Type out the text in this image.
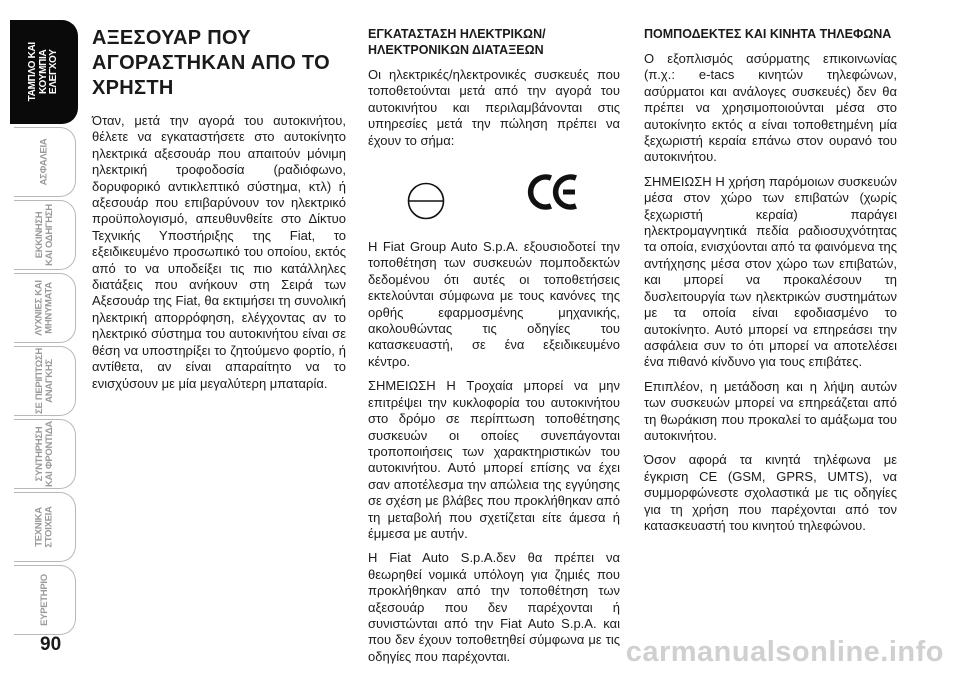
ΤΑΜΠΛΟ ΚΑΙ
ΚΟΥΜΠΙΑ
ΕΛΕΓΧΟΥ
ΑΣΦΑΛΕΙΑ
ΕΚΚΙΝΗΣΗ
ΚΑΙ ΟΔΗΓΗΣΗ
ΛΥΧΝΙΕΣ ΚΑΙ
ΜΗΝΥΜΑΤΑ
ΣΕ ΠΕΡΙΠΤΩΣΗ
ΑΝΑΓΚΗΣ
ΣΥΝΤΗΡΗΣΗ
ΚΑΙ ΦΡΟΝΤΙΔΑ
ΤΕΧΝΙΚΑ
ΣΤΟΙΧΕΙΑ
ΕΥΡΕΤΗΡΙΟ
90
ΑΞΕΣΟΥΑΡ ΠΟΥ ΑΓΟΡΑΣΤΗΚΑΝ ΑΠΟ ΤΟ ΧΡΗΣΤΗ

Όταν, μετά την αγορά του αυτοκινήτου, θέλετε να εγκαταστήσετε στο αυτοκίνητο ηλεκτρικά αξεσουάρ που απαιτούν μόνιμη ηλεκτρική τροφοδοσία (ραδιόφωνο, δορυφορικό αντικλεπτικό σύστημα, κτλ) ή αξεσουάρ που επιβαρύνουν τον ηλεκτρικό προϋπολογισμό, απευθυνθείτε στο Δίκτυο Τεχνικής Υποστήριξης της Fiat, το εξειδικευμένο προσωπικό του οποίου, εκτός από το να υποδείξει τις πιο κατάλληλες διατάξεις που ανήκουν στη Σειρά των Αξεσουάρ της Fiat, θα εκτιμήσει τη συνολική ηλεκτρική απορρόφηση, ελέγχοντας αν το ηλεκτρικό σύστημα του αυτοκινήτου είναι σε θέση να υποστηρίξει το ζητούμενο φορτίο, ή αντίθετα, αν είναι απαραίτητο να το ενισχύσουν με μία μεγαλύτερη μπαταρία.

ΕΓΚΑΤΑΣΤΑΣΗ ΗΛΕΚΤΡΙΚΩΝ/ ΗΛΕΚΤΡΟΝΙΚΩΝ ΔΙΑΤΑΞΕΩΝ

Οι ηλεκτρικές/ηλεκτρονικές συσκευές που τοποθετούνται μετά από την αγορά του αυτοκινήτου και περιλαμβάνονται στις υπηρεσίες μετά την πώληση πρέπει να έχουν το σήμα:

Η Fiat Group Auto S.p.A. εξουσιοδοτεί την τοποθέτηση των συσκευών πομποδεκτών δεδομένου ότι αυτές οι τοποθετήσεις εκτελούνται σύμφωνα με τους κανόνες της ορθής εφαρμοσμένης μηχανικής, ακολουθώντας τις οδηγίες του κατασκευαστή, σε ένα εξειδικευμένο κέντρο.

ΣΗΜΕΙΩΣΗ Η Τροχαία μπορεί να μην επιτρέψει την κυκλοφορία του αυτοκινήτου στο δρόμο σε περίπτωση τοποθέτησης συσκευών οι οποίες συνεπάγονται τροποποιήσεις των χαρακτηριστικών του αυτοκινήτου. Αυτό μπορεί επίσης να έχει σαν αποτέλεσμα την απώλεια της εγγύησης σε σχέση με βλάβες που προκλήθηκαν από τη μεταβολή που σχετίζεται είτε άμεσα ή έμμεσα με αυτήν.

Η Fiat Auto S.p.A.δεν θα πρέπει να θεωρηθεί νομικά υπόλογη για ζημιές που προκλήθηκαν από την τοποθέτηση των αξεσουάρ που δεν παρέχονται ή συνιστώνται από την Fiat Auto S.p.A. και που δεν έχουν τοποθετηθεί σύμφωνα με τις οδηγίες που παρέχονται.

ΠΟΜΠΟΔΕΚΤΕΣ ΚΑΙ ΚΙΝΗΤΑ ΤΗΛΕΦΩΝΑ

Ο εξοπλισμός ασύρματης επικοινωνίας (π.χ.: e-tacs κινητών τηλεφώνων, ασύρματοι και ανάλογες συσκευές) δεν θα πρέπει να χρησιμοποιούνται μέσα στο αυτοκίνητο εκτός α είναι τοποθετημένη μία ξεχωριστή κεραία επάνω στον ουρανό του αυτοκινήτου.

ΣΗΜΕΙΩΣΗ Η χρήση παρόμοιων συσκευών μέσα στον χώρο των επιβατών (χωρίς ξεχωριστή κεραία) παράγει ηλεκτρομαγνητικά πεδία ραδιοσυχνότητας τα οποία, ενισχύονται από τα φαινόμενα της αντήχησης μέσα στον χώρο των επιβατών, και μπορεί να προκαλέσουν τη δυσλειτουργία των ηλεκτρικών συστημάτων με τα οποία είναι εφοδιασμένο το αυτοκίνητο. Αυτό μπορεί να επηρεάσει την ασφάλεια συν το ότι μπορεί να αποτελέσει ένα πιθανό κίνδυνο για τους επιβάτες.

Επιπλέον, η μετάδοση και η λήψη αυτών των συσκευών μπορεί να επηρεάζεται από τη θωράκιση που προκαλεί το αμάξωμα του αυτοκινήτου.

Όσον αφορά τα κινητά τηλέφωνα με έγκριση CE (GSM, GPRS, UMTS), να συμμορφώνεστε σχολαστικά με τις οδηγίες για τη χρήση που παρέχονται από τον κατασκευαστή του κινητού τηλεφώνου.

carmanualsonline.info
